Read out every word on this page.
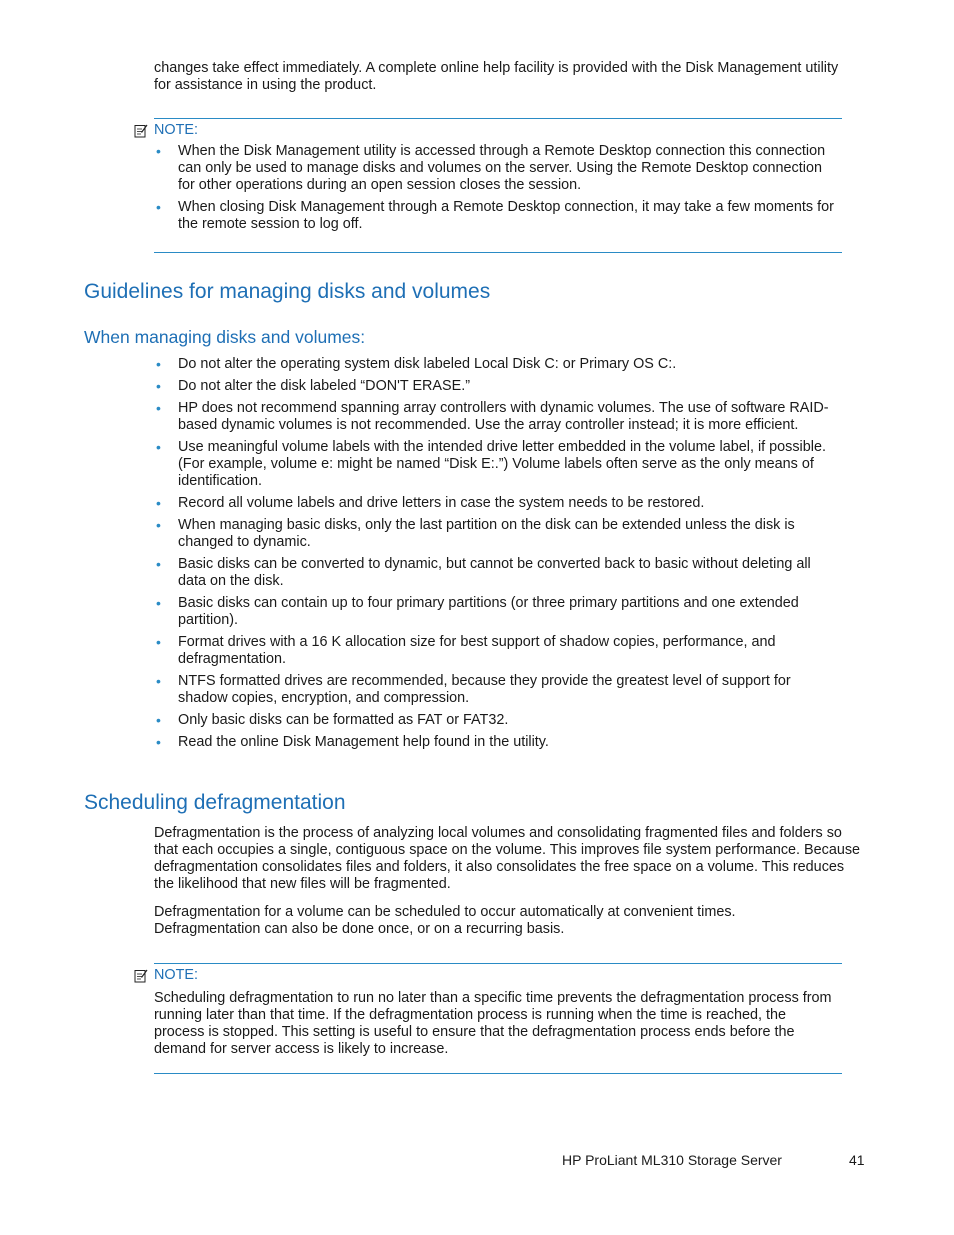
changes take effect immediately. A complete online help facility is provided with the Disk Management utility for assistance in using the product.

NOTE:
• When the Disk Management utility is accessed through a Remote Desktop connection this connection can only be used to manage disks and volumes on the server. Using the Remote Desktop connection for other operations during an open session closes the session.
• When closing Disk Management through a Remote Desktop connection, it may take a few moments for the remote session to log off.
Guidelines for managing disks and volumes
When managing disks and volumes:
• Do not alter the operating system disk labeled Local Disk C: or Primary OS C:.
• Do not alter the disk labeled “DON'T ERASE.”
• HP does not recommend spanning array controllers with dynamic volumes. The use of software RAID-based dynamic volumes is not recommended. Use the array controller instead; it is more efficient.
• Use meaningful volume labels with the intended drive letter embedded in the volume label, if possible. (For example, volume e: might be named “Disk E:.”) Volume labels often serve as the only means of identification.
• Record all volume labels and drive letters in case the system needs to be restored.
• When managing basic disks, only the last partition on the disk can be extended unless the disk is changed to dynamic.
• Basic disks can be converted to dynamic, but cannot be converted back to basic without deleting all data on the disk.
• Basic disks can contain up to four primary partitions (or three primary partitions and one extended partition).
• Format drives with a 16 K allocation size for best support of shadow copies, performance, and defragmentation.
• NTFS formatted drives are recommended, because they provide the greatest level of support for shadow copies, encryption, and compression.
• Only basic disks can be formatted as FAT or FAT32.
• Read the online Disk Management help found in the utility.
Scheduling defragmentation

Defragmentation is the process of analyzing local volumes and consolidating fragmented files and folders so that each occupies a single, contiguous space on the volume. This improves file system performance. Because defragmentation consolidates files and folders, it also consolidates the free space on a volume. This reduces the likelihood that new files will be fragmented.

Defragmentation for a volume can be scheduled to occur automatically at convenient times. Defragmentation can also be done once, or on a recurring basis.

NOTE:

Scheduling defragmentation to run no later than a specific time prevents the defragmentation process from running later than that time. If the defragmentation process is running when the time is reached, the process is stopped. This setting is useful to ensure that the defragmentation process ends before the demand for server access is likely to increase.

HP ProLiant ML310 Storage Server	41
